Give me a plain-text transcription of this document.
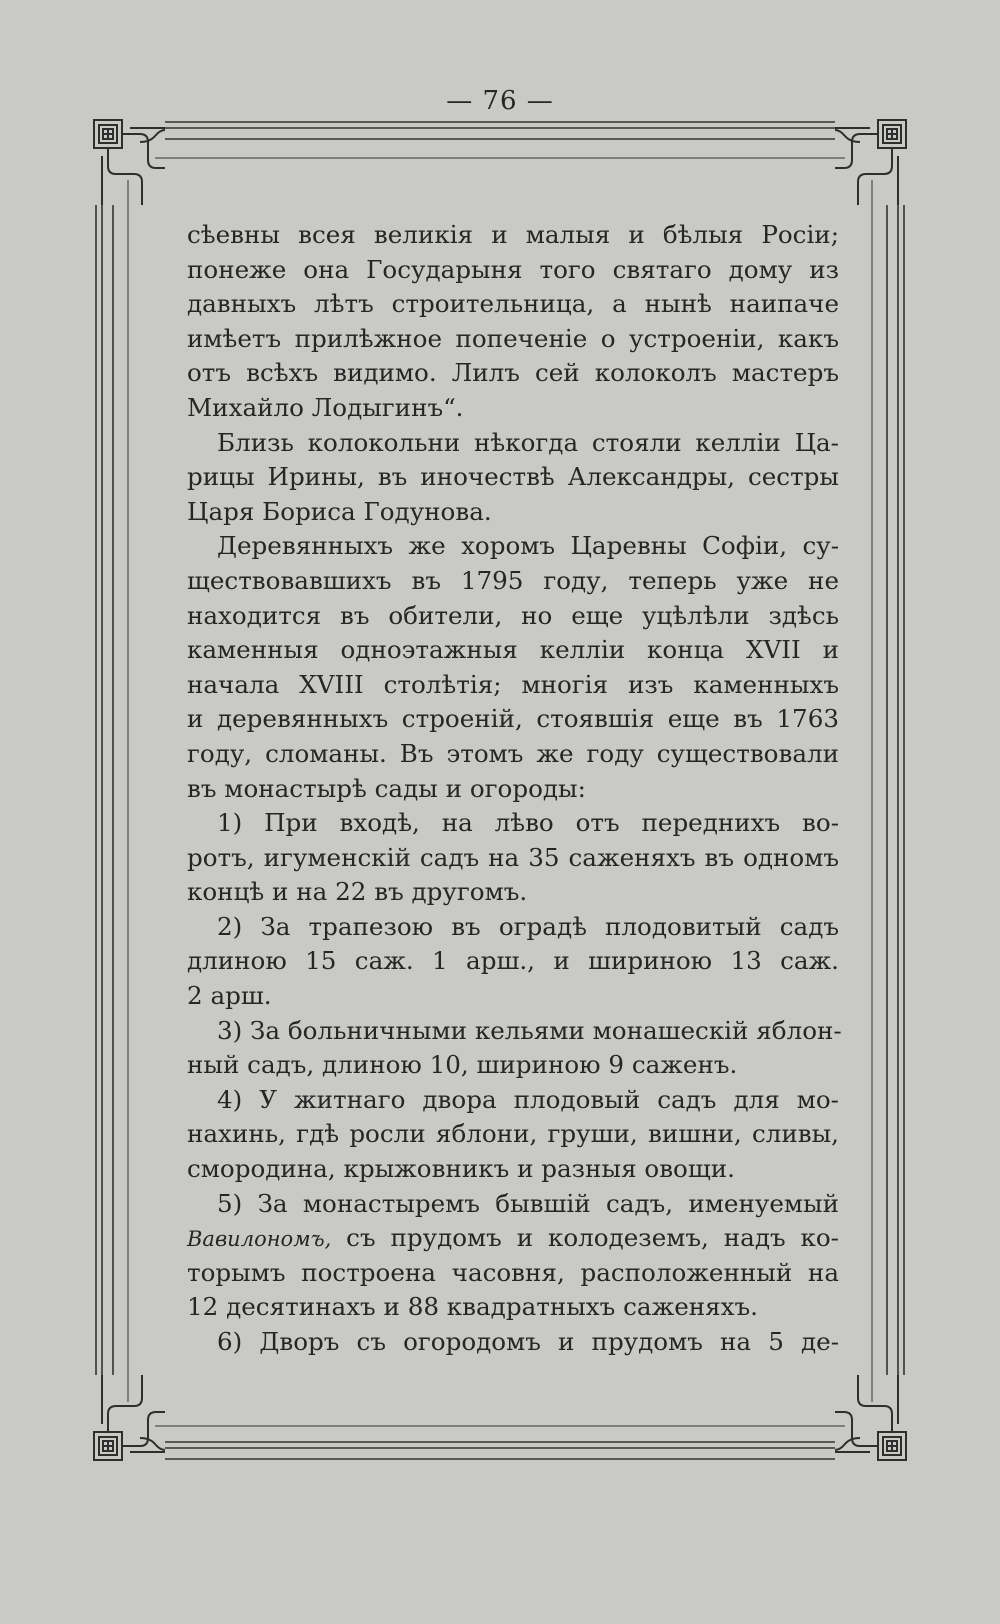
— 76 —
сѣевны всея великія и малыя и бѣлыя Росіи;
понеже она Государыня того святаго дому из
давныхъ лѣтъ строительница, а нынѣ наипаче
имѣетъ прилѣжное попеченіе о устроеніи, какъ
отъ всѣхъ видимо. Лилъ сей колоколъ мастеръ
Михайло Лодыгинъ“.
Близь колокольни нѣкогда стояли келліи Ца-
рицы Ирины, въ иночествѣ Александры, сестры
Царя Бориса Годунова.
Деревянныхъ же хоромъ Царевны Софіи, су-
ществовавшихъ въ 1795 году, теперь уже не
находится въ обители, но еще уцѣлѣли здѣсь
каменныя одноэтажныя келліи конца XVII и
начала XVIII столѣтія; многія изъ каменныхъ
и деревянныхъ строеній, стоявшія еще въ 1763
году, сломаны. Въ этомъ же году существовали
въ монастырѣ сады и огороды:
1) При входѣ, на лѣво отъ переднихъ во-
ротъ, игуменскій садъ на 35 саженяхъ въ одномъ
концѣ и на 22 въ другомъ.
2) За трапезою въ оградѣ плодовитый садъ
длиною 15 саж. 1 арш., и шириною 13 саж.
2 арш.
3) За больничными кельями монашескій яблон-
ный садъ, длиною 10, шириною 9 саженъ.
4) У житнаго двора плодовый садъ для мо-
нахинь, гдѣ росли яблони, груши, вишни, сливы,
смородина, крыжовникъ и разныя овощи.
5) За монастыремъ бывшій садъ, именуемый
Вавилономъ, съ прудомъ и колодеземъ, надъ ко-
торымъ построена часовня, расположенный на
12 десятинахъ и 88 квадратныхъ саженяхъ.
6) Дворъ съ огородомъ и прудомъ на 5 де-
